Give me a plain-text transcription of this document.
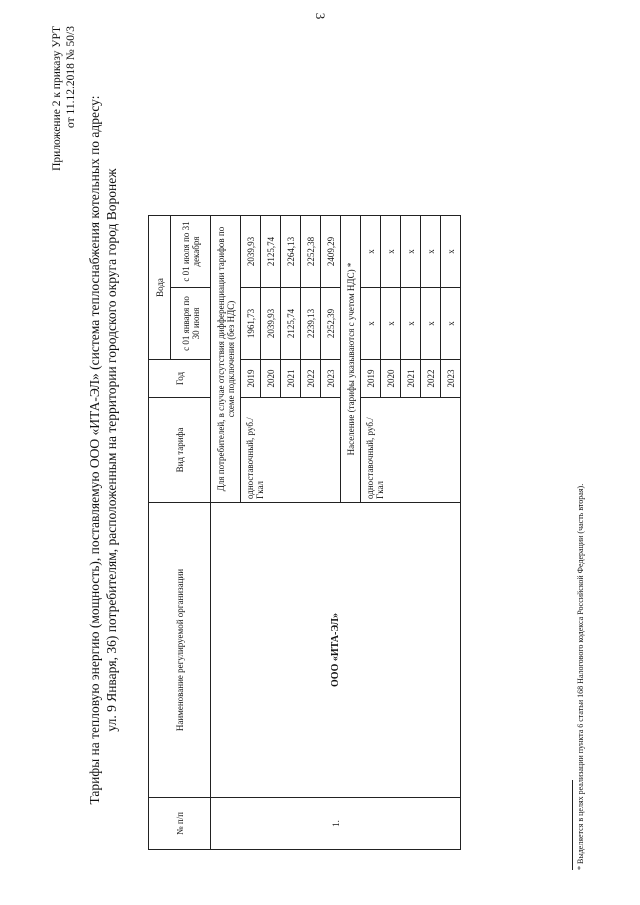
3
Приложение 2 к приказу УРТ от 11.12.2018 № 50/3
Тарифы на тепловую энергию (мощность), поставляемую ООО «ИТА-ЭЛ» (система теплоснабжения котельных по адресу: ул. 9 Января, 36) потребителям, расположенным на территории городского округа город Воронеж
№ п/п	Наименование регулируемой организации	Вид тарифа	Год	Вода	
				с 01 января по 30 июня	с 01 июля по 31 декабря
1.	ООО «ИТА-ЭЛ»	Для потребителей, в случае отсутствия дифференциации тарифов по схеме подключения (без НДС)			
		одноставочный, руб./Гкал	2019	1961,73	2039,93
			2020	2039,93	2125,74
			2021	2125,74	2264,13
			2022	2239,13	2252,38
			2023	2252,39	2409,29
		Население (тарифы указываются с учетом НДС) *			
		одноставочный, руб./Гкал	2019	x	x
			2020	x	x
			2021	x	x
			2022	x	x
			2023	x	x
* Выделяется в целях реализации пункта 6 статьи 168 Налогового кодекса Российской Федерации (часть вторая).
